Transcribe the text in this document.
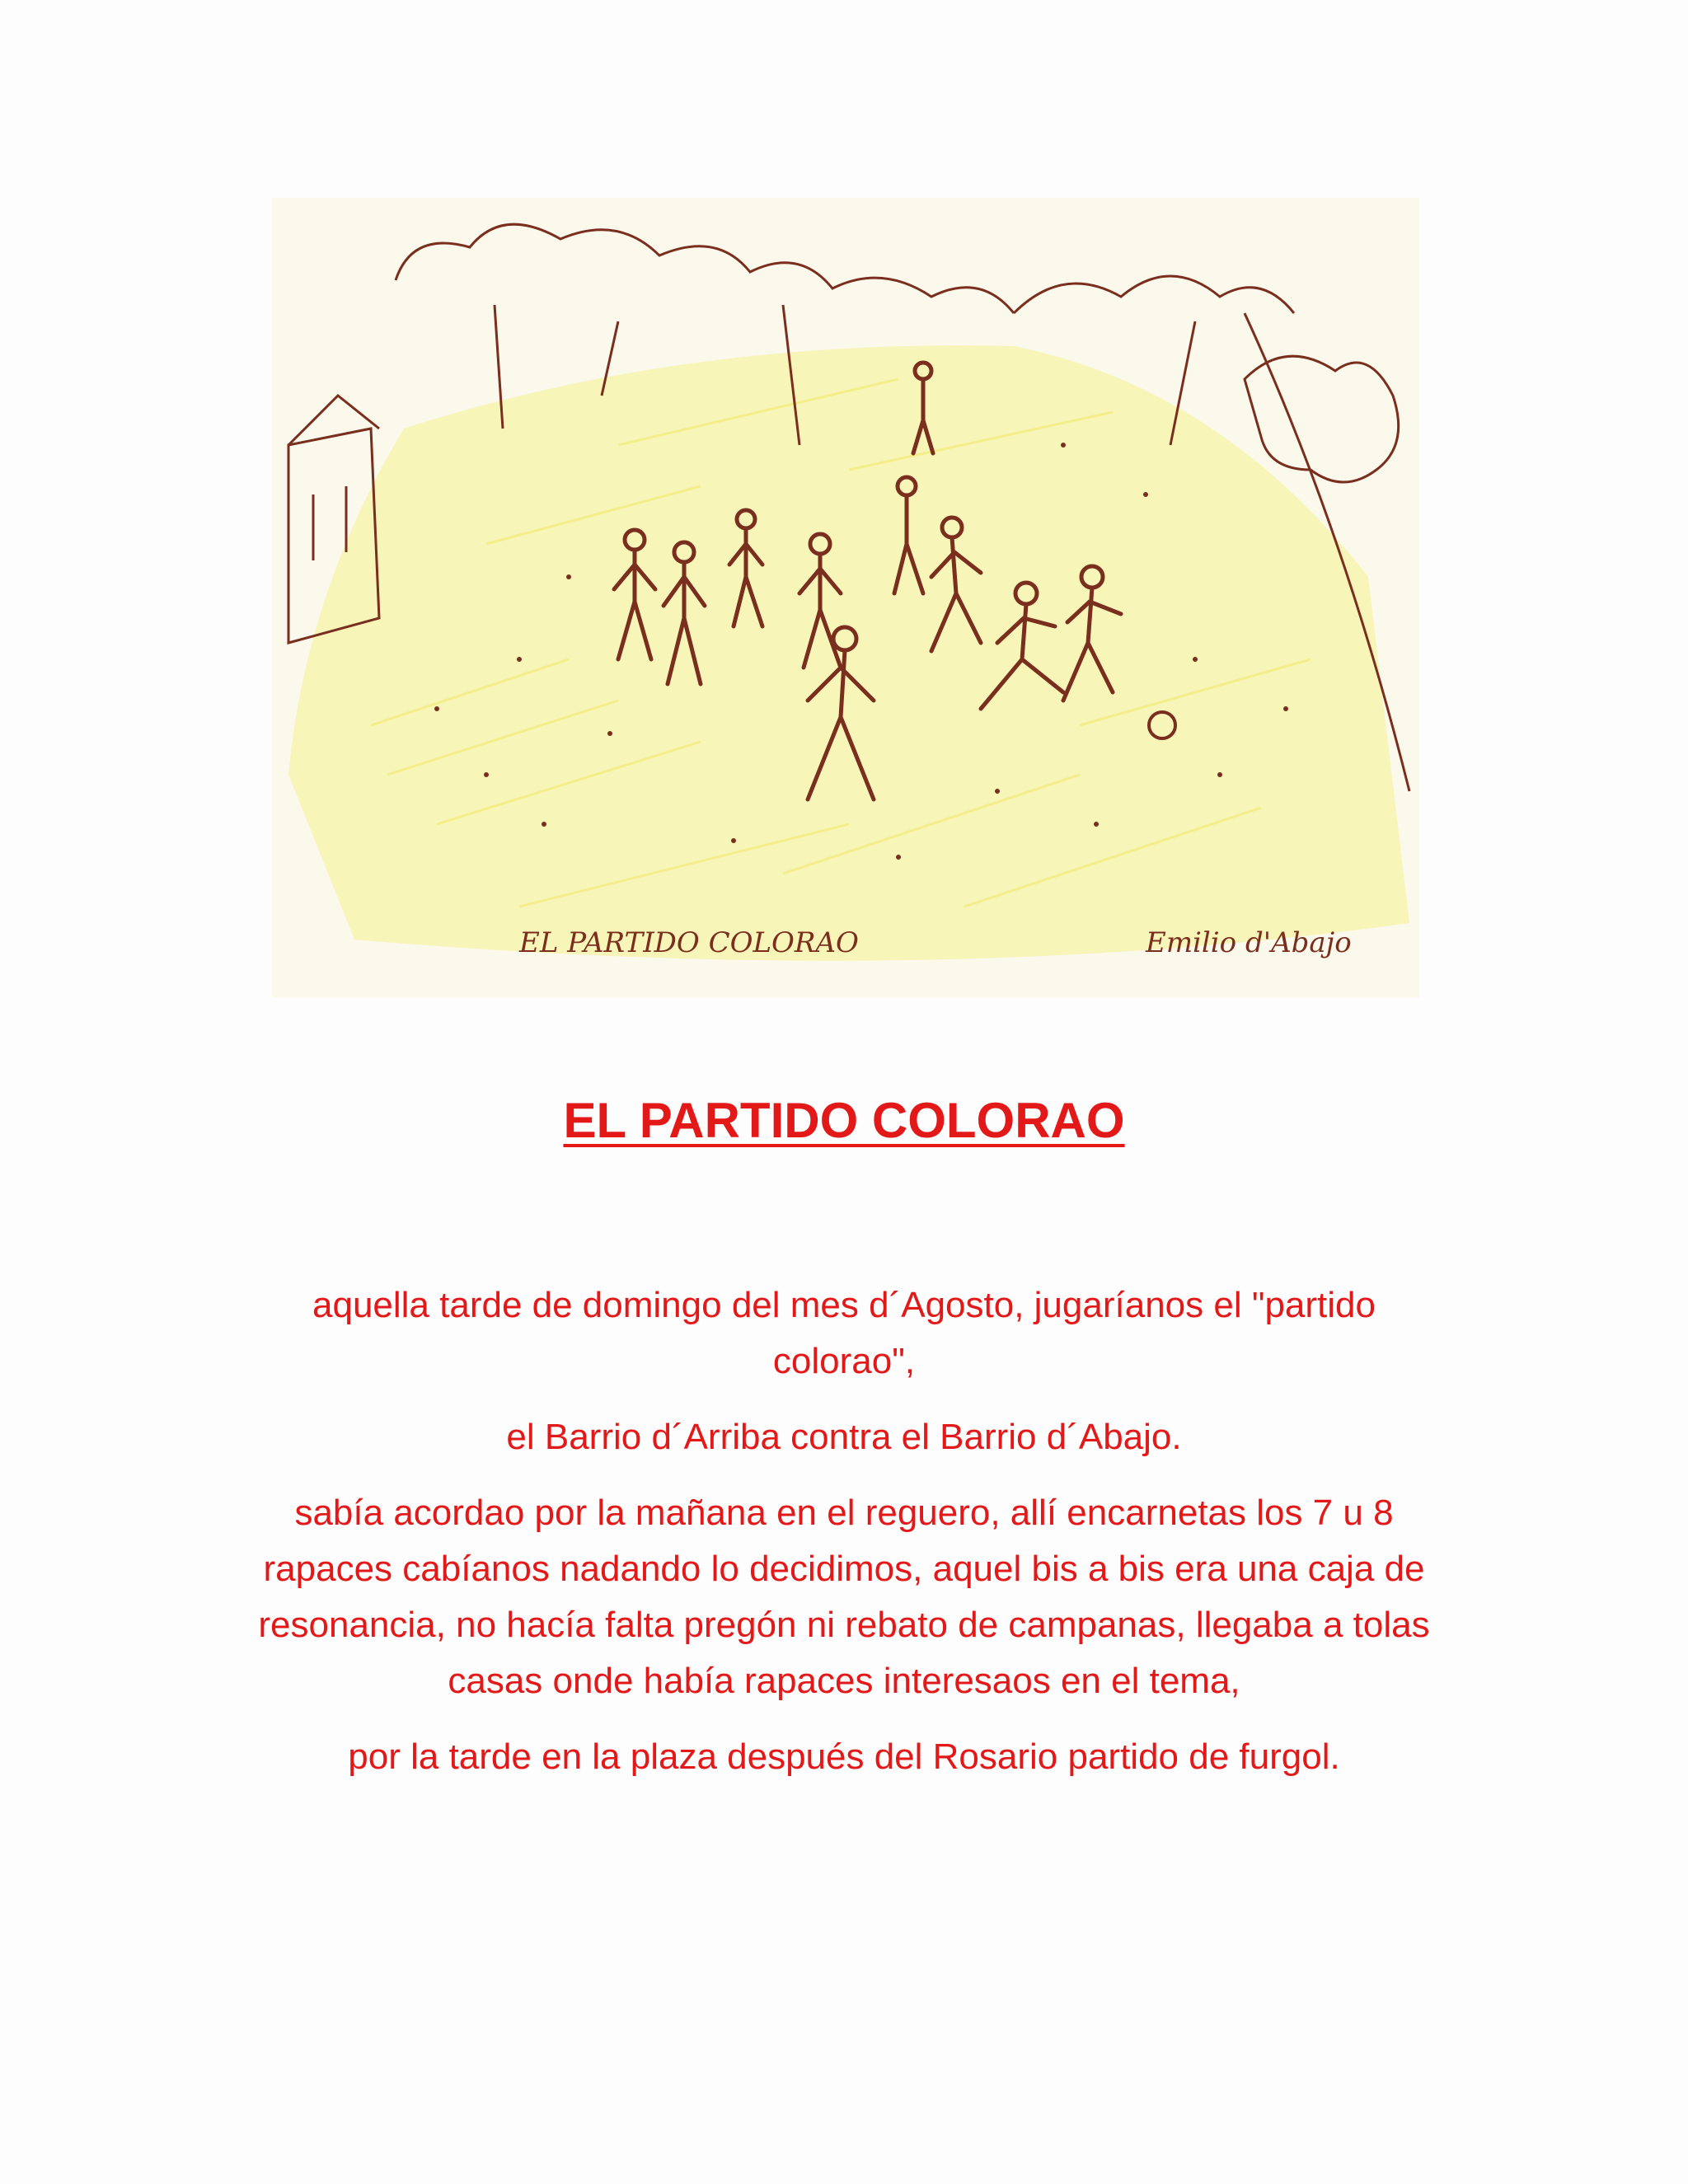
EL PARTIDO COLORAO	Emilio d'Abajo
EL PARTIDO COLORAO

aquella tarde de domingo del mes d´Agosto, jugaríanos el "partido colorao",

el Barrio d´Arriba contra el Barrio d´Abajo.

sabía acordao por la mañana en el reguero, allí encarnetas los 7 u 8 rapaces cabíanos nadando lo decidimos, aquel bis a bis era una caja de resonancia, no hacía falta pregón ni rebato de campanas, llegaba a tolas casas onde había rapaces interesaos en el tema,

por la tarde en la plaza después del Rosario partido de furgol.
